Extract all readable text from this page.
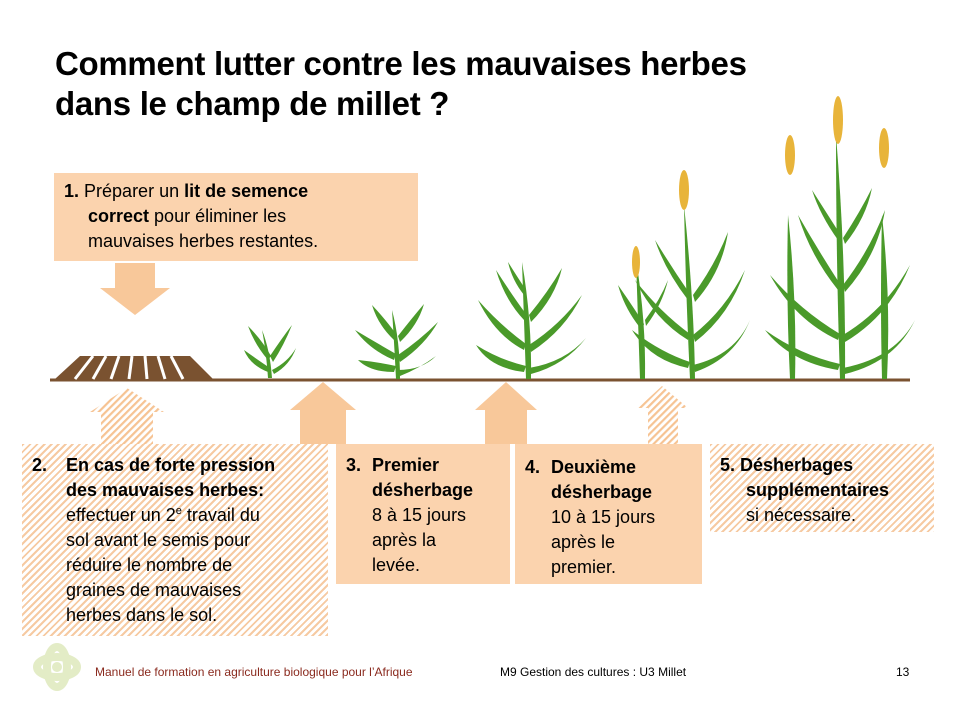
Comment lutter contre les mauvaises herbes
dans le champ de millet ?
1. Préparer un lit de semence
correct pour éliminer les
mauvaises herbes restantes.
2. En cas de forte pression
des mauvaises herbes:
effectuer un 2e travail du
sol avant le semis pour
réduire le nombre de
graines de mauvaises
herbes dans le sol.
3. Premier
désherbage
8 à 15 jours
après la
levée.
4. Deuxième
désherbage
10 à 15 jours
après le
premier.
5. Désherbages
supplémentaires
si nécessaire.
Manuel de formation en agriculture biologique pour l’Afrique	M9 Gestion des cultures : U3 Millet	13
